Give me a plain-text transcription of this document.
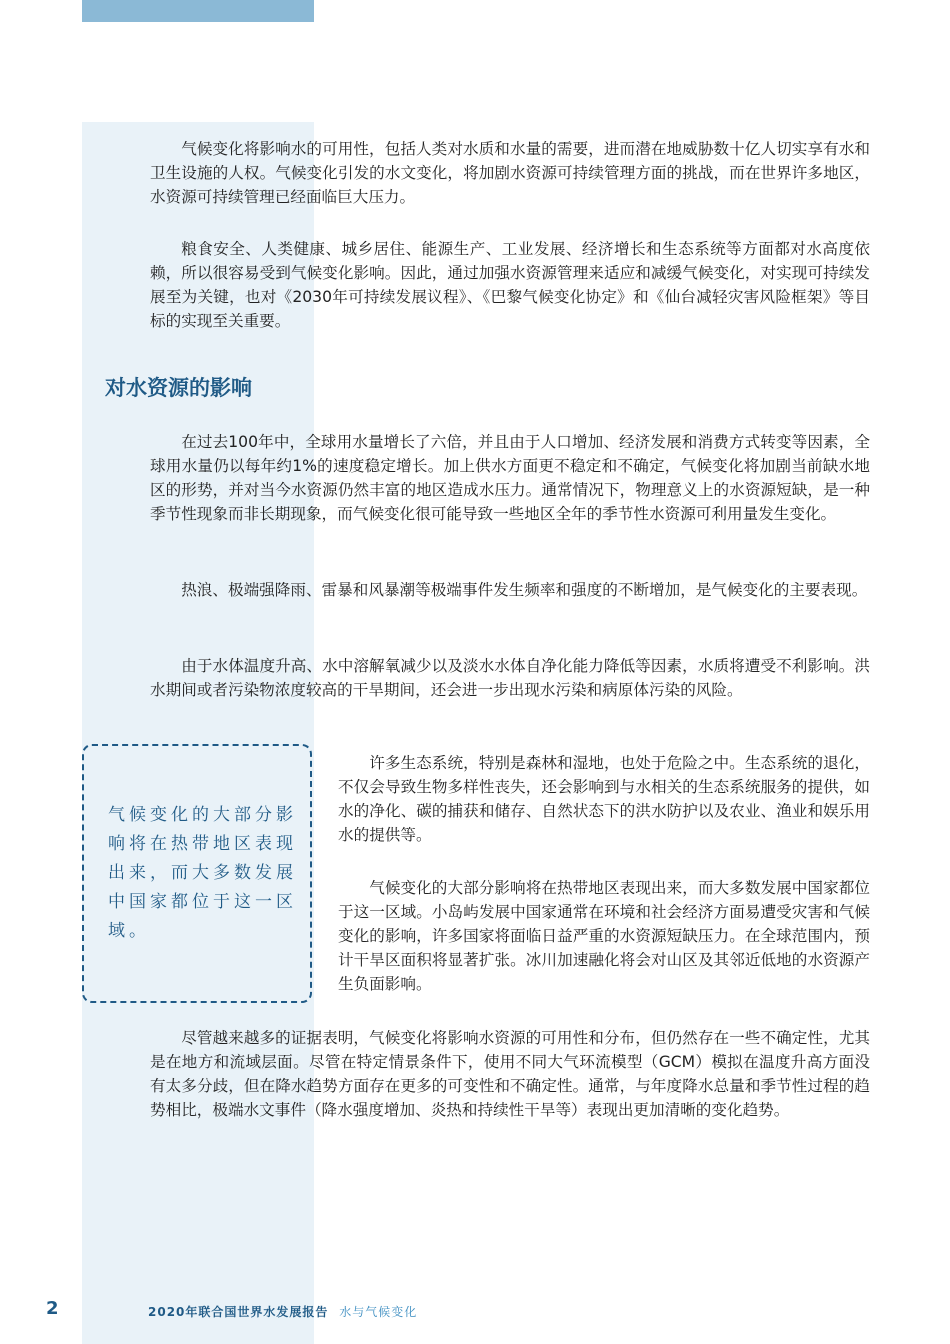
气候变化将影响水的可用性，包括人类对水质和水量的需要，进而潜在地威胁数十亿人切实享有水和卫生设施的人权。气候变化引发的水文变化，将加剧水资源可持续管理方面的挑战，而在世界许多地区，水资源可持续管理已经面临巨大压力。

粮食安全、人类健康、城乡居住、能源生产、工业发展、经济增长和生态系统等方面都对水高度依赖，所以很容易受到气候变化影响。因此，通过加强水资源管理来适应和减缓气候变化，对实现可持续发展至为关键，也对《2030年可持续发展议程》、《巴黎气候变化协定》和《仙台减轻灾害风险框架》等目标的实现至关重要。

对水资源的影响

在过去100年中，全球用水量增长了六倍，并且由于人口增加、经济发展和消费方式转变等因素，全球用水量仍以每年约1%的速度稳定增长。加上供水方面更不稳定和不确定，气候变化将加剧当前缺水地区的形势，并对当今水资源仍然丰富的地区造成水压力。通常情况下，物理意义上的水资源短缺，是一种季节性现象而非长期现象，而气候变化很可能导致一些地区全年的季节性水资源可利用量发生变化。

热浪、极端强降雨、雷暴和风暴潮等极端事件发生频率和强度的不断增加，是气候变化的主要表现。

由于水体温度升高、水中溶解氧减少以及淡水水体自净化能力降低等因素，水质将遭受不利影响。洪水期间或者污染物浓度较高的干旱期间，还会进一步出现水污染和病原体污染的风险。

气候变化的大部分影响将在热带地区表现出来，而大多数发展中国家都位于这一区域。

许多生态系统，特别是森林和湿地，也处于危险之中。生态系统的退化，不仅会导致生物多样性丧失，还会影响到与水相关的生态系统服务的提供，如水的净化、碳的捕获和储存、自然状态下的洪水防护以及农业、渔业和娱乐用水的提供等。

气候变化的大部分影响将在热带地区表现出来，而大多数发展中国家都位于这一区域。小岛屿发展中国家通常在环境和社会经济方面易遭受灾害和气候变化的影响，许多国家将面临日益严重的水资源短缺压力。在全球范围内，预计干旱区面积将显著扩张。冰川加速融化将会对山区及其邻近低地的水资源产生负面影响。

尽管越来越多的证据表明，气候变化将影响水资源的可用性和分布，但仍然存在一些不确定性，尤其是在地方和流域层面。尽管在特定情景条件下，使用不同大气环流模型（GCM）模拟在温度升高方面没有太多分歧，但在降水趋势方面存在更多的可变性和不确定性。通常，与年度降水总量和季节性过程的趋势相比，极端水文事件（降水强度增加、炎热和持续性干旱等）表现出更加清晰的变化趋势。

2	2020年联合国世界水发展报告 水与气候变化
